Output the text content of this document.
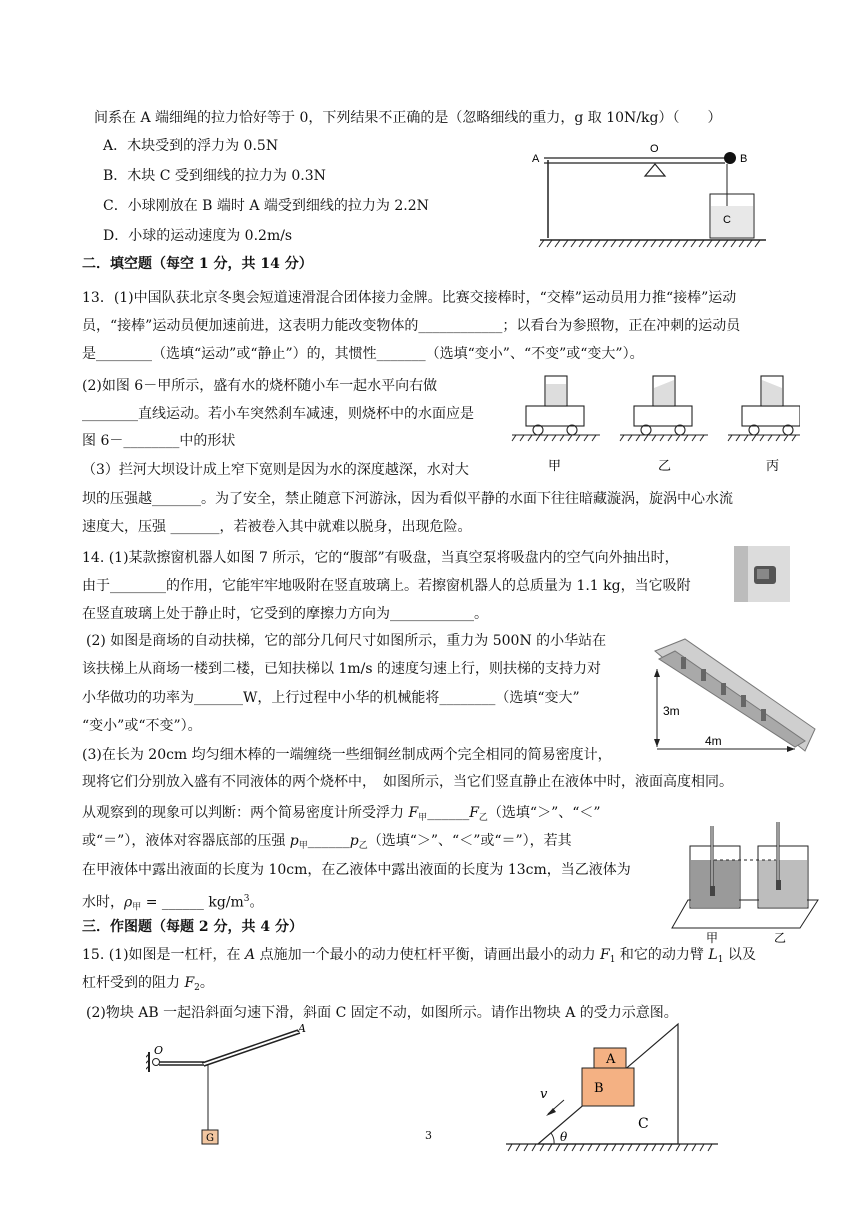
间系在 A 端细绳的拉力恰好等于 0，下列结果不正确的是（忽略细线的重力，g 取 10N/kg）（　　）
A．木块受到的浮力为 0.5N
B．木块 C 受到细线的拉力为 0.3N
C．小球刚放在 B 端时 A 端受到细线的拉力为 2.2N
D．小球的运动速度为 0.2m/s
A
O
B
C
二．填空题（每空 1 分，共 14 分）
13．(1)中国队获北京冬奥会短道速滑混合团体接力金牌。比赛交接棒时，“交棒”运动员用力推“接棒”运动
员，“接棒”运动员便加速前进，这表明力能改变物体的____________；以看台为参照物，正在冲刺的运动员
是________（选填“运动”或“静止”）的，其惯性_______（选填“变小”、“不变”或“变大”）。
(2)如图 6－甲所示，盛有水的烧杯随小车一起水平向右做
________直线运动。若小车突然刹车减速，则烧杯中的水面应是
图 6－________中的形状
（3）拦河大坝设计成上窄下宽则是因为水的深度越深，水对大
坝的压强越_______。为了安全，禁止随意下河游泳，因为看似平静的水面下往往暗藏漩涡，旋涡中心水流
速度大，压强 _______，若被卷入其中就难以脱身，出现危险。
甲	乙	丙
14. (1)某款擦窗机器人如图 7 所示，它的“腹部”有吸盘，当真空泵将吸盘内的空气向外抽出时，
由于________的作用，它能牢牢地吸附在竖直玻璃上。若擦窗机器人的总质量为 1.1 kg，当它吸附
在竖直玻璃上处于静止时，它受到的摩擦力方向为____________。
(2) 如图是商场的自动扶梯，它的部分几何尺寸如图所示，重力为 500N 的小华站在
该扶梯上从商场一楼到二楼，已知扶梯以 1m/s 的速度匀速上行，则扶梯的支持力对
小华做功的功率为_______W，上行过程中小华的机械能将________（选填“变大”
“变小”或“不变”）。
3m
4m
(3)在长为 20cm 均匀细木棒的一端缠绕一些细铜丝制成两个完全相同的简易密度计，
现将它们分别放入盛有不同液体的两个烧杯中，　如图所示，当它们竖直静止在液体中时，液面高度相同。
从观察到的现象可以判断：两个简易密度计所受浮力 $F_甲\_\_\_\_\_\_F_乙$（选填“＞”、“＜”
或“＝”），液体对容器底部的压强 $p_甲\_\_\_\_\_\_p_乙$（选填“＞”、“＜”或“＝”），若其
在甲液体中露出液面的长度为 10cm，在乙液体中露出液面的长度为 13cm，当乙液体为
水时，$\rho_甲$ = ______ $kg/m^3$。
甲	乙
三．作图题（每题 2 分，共 4 分）
15. (1)如图是一杠杆，在 A 点施加一个最小的动力使杠杆平衡，请画出最小的动力 $F_1$ 和它的动力臂 $L_1$ 以及
杠杆受到的阻力 $F_2$。
(2)物块 AB 一起沿斜面匀速下滑，斜面 C 固定不动，如图所示。请作出物块 A 的受力示意图。
A
O
G	3
A
B
C
v
θ
